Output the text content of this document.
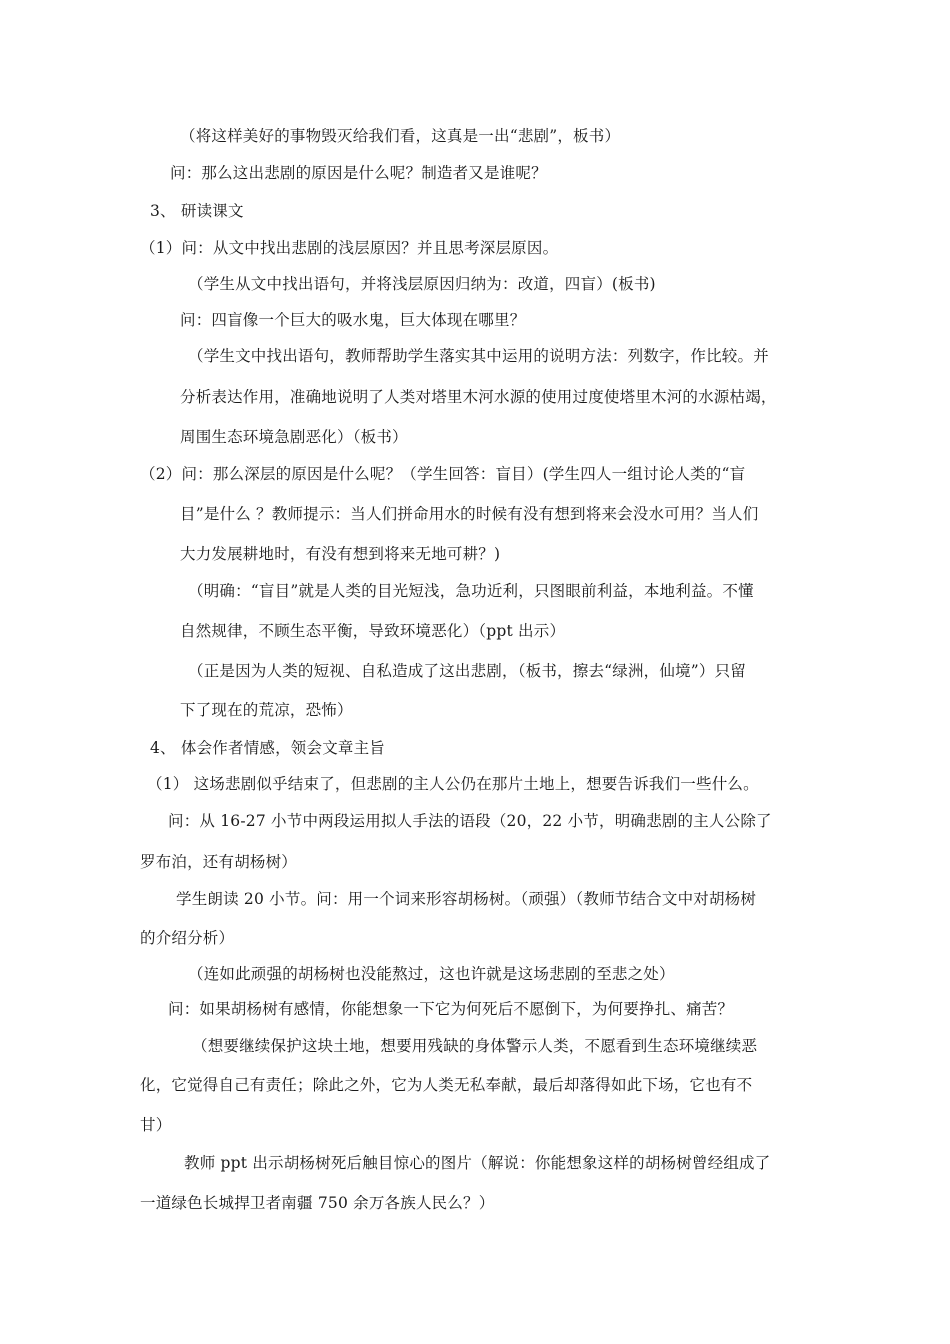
（将这样美好的事物毁灭给我们看，这真是一出“悲剧”，板书）
问：那么这出悲剧的原因是什么呢？制造者又是谁呢？
3、 研读课文
（1）问：从文中找出悲剧的浅层原因？并且思考深层原因。
（学生从文中找出语句，并将浅层原因归纳为：改道，四盲）(板书)
问：四盲像一个巨大的吸水鬼，巨大体现在哪里？
（学生文中找出语句，教师帮助学生落实其中运用的说明方法：列数字，作比较。并
分析表达作用，准确地说明了人类对塔里木河水源的使用过度使塔里木河的水源枯竭，
周围生态环境急剧恶化）（板书）
（2）问：那么深层的原因是什么呢？（学生回答：盲目）(学生四人一组讨论人类的“盲
目”是什么 ？教师提示：当人们拼命用水的时候有没有想到将来会没水可用？当人们
大力发展耕地时，有没有想到将来无地可耕？)
（明确：“盲目”就是人类的目光短浅，急功近利，只图眼前利益，本地利益。不懂
自然规律，不顾生态平衡，导致环境恶化）（ppt 出示）
（正是因为人类的短视、自私造成了这出悲剧，（板书，擦去“绿洲，仙境”）只留
下了现在的荒凉，恐怖）
4、 体会作者情感，领会文章主旨
（1） 这场悲剧似乎结束了，但悲剧的主人公仍在那片土地上，想要告诉我们一些什么。
问：从 16-27 小节中两段运用拟人手法的语段（20，22 小节，明确悲剧的主人公除了
罗布泊，还有胡杨树）
学生朗读 20 小节。问：用一个词来形容胡杨树。（顽强）（教师节结合文中对胡杨树
的介绍分析）
（连如此顽强的胡杨树也没能熬过，这也许就是这场悲剧的至悲之处）
问：如果胡杨树有感情，你能想象一下它为何死后不愿倒下，为何要挣扎、痛苦？
（想要继续保护这块土地，想要用残缺的身体警示人类，不愿看到生态环境继续恶
化，它觉得自己有责任；除此之外，它为人类无私奉献，最后却落得如此下场，它也有不
甘）
教师 ppt 出示胡杨树死后触目惊心的图片（解说：你能想象这样的胡杨树曾经组成了
一道绿色长城捍卫者南疆 750 余万各族人民么？）
